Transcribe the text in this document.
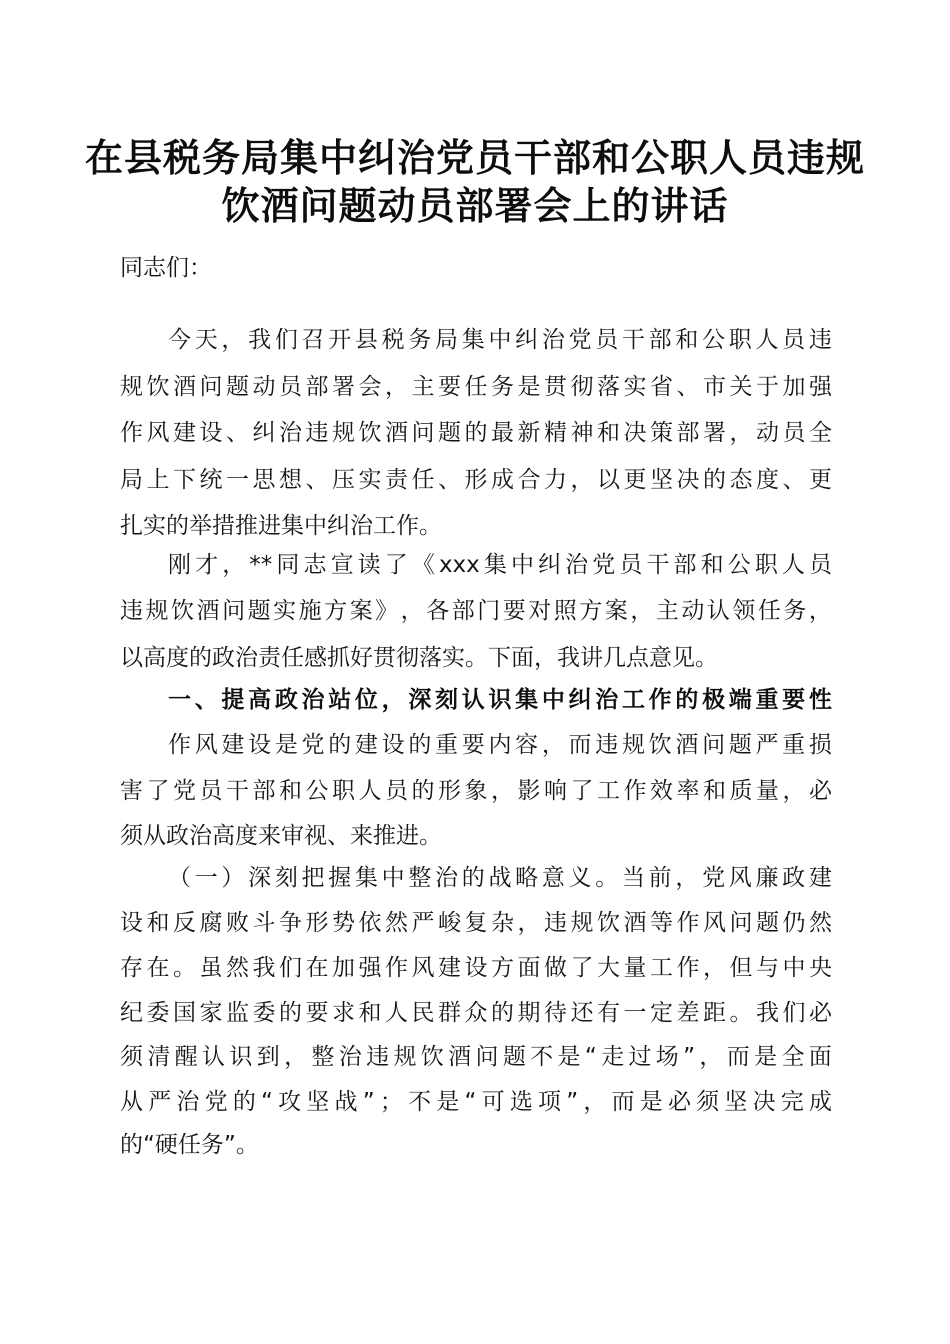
在县税务局集中纠治党员干部和公职人员违规
饮酒问题动员部署会上的讲话
同志们：
今 天 ， 我 们 召 开 县 税 务 局 集 中 纠 治 党 员 干 部 和 公 职 人 员 违
规 饮 酒 问 题 动 员 部 署 会 ， 主 要 任 务 是 贯 彻 落 实 省 、 市 关 于 加 强
作 风 建 设 、 纠 治 违 规 饮 酒 问 题 的 最 新 精 神 和 决 策 部 署 ， 动 员 全
局 上 下 统 一 思 想 、 压 实 责 任 、 形 成 合 力 ， 以 更 坚 决 的 态 度 、 更
扎实的举措推进集中纠治工作。
刚 才 ， ** 同 志 宣 读 了 《 xxx 集 中 纠 治 党 员 干 部 和 公 职 人 员
违 规 饮 酒 问 题 实 施 方 案 》 ， 各 部 门 要 对 照 方 案 ， 主 动 认 领 任 务 ，
以高度的政治责任感抓好贯彻落实。下面，我讲几点意见。
一 、 提 高 政 治 站 位 ， 深 刻 认 识 集 中 纠 治 工 作 的 极 端 重 要 性
作 风 建 设 是 党 的 建 设 的 重 要 内 容 ， 而 违 规 饮 酒 问 题 严 重 损
害 了 党 员 干 部 和 公 职 人 员 的 形 象 ， 影 响 了 工 作 效 率 和 质 量 ， 必
须从政治高度来审视、来推进。
（ 一 ） 深 刻 把 握 集 中 整 治 的 战 略 意 义 。 当 前 ， 党 风 廉 政 建
设 和 反 腐 败 斗 争 形 势 依 然 严 峻 复 杂 ， 违 规 饮 酒 等 作 风 问 题 仍 然
存 在 。 虽 然 我 们 在 加 强 作 风 建 设 方 面 做 了 大 量 工 作 ， 但 与 中 央
纪 委 国 家 监 委 的 要 求 和 人 民 群 众 的 期 待 还 有 一 定 差 距 。 我 们 必
须 清 醒 认 识 到 ， 整 治 违 规 饮 酒 问 题 不 是 “ 走 过 场 ” ， 而 是 全 面
从 严 治 党 的 “ 攻 坚 战 ” ； 不 是 “ 可 选 项 ” ， 而 是 必 须 坚 决 完 成
的“硬任务”。
